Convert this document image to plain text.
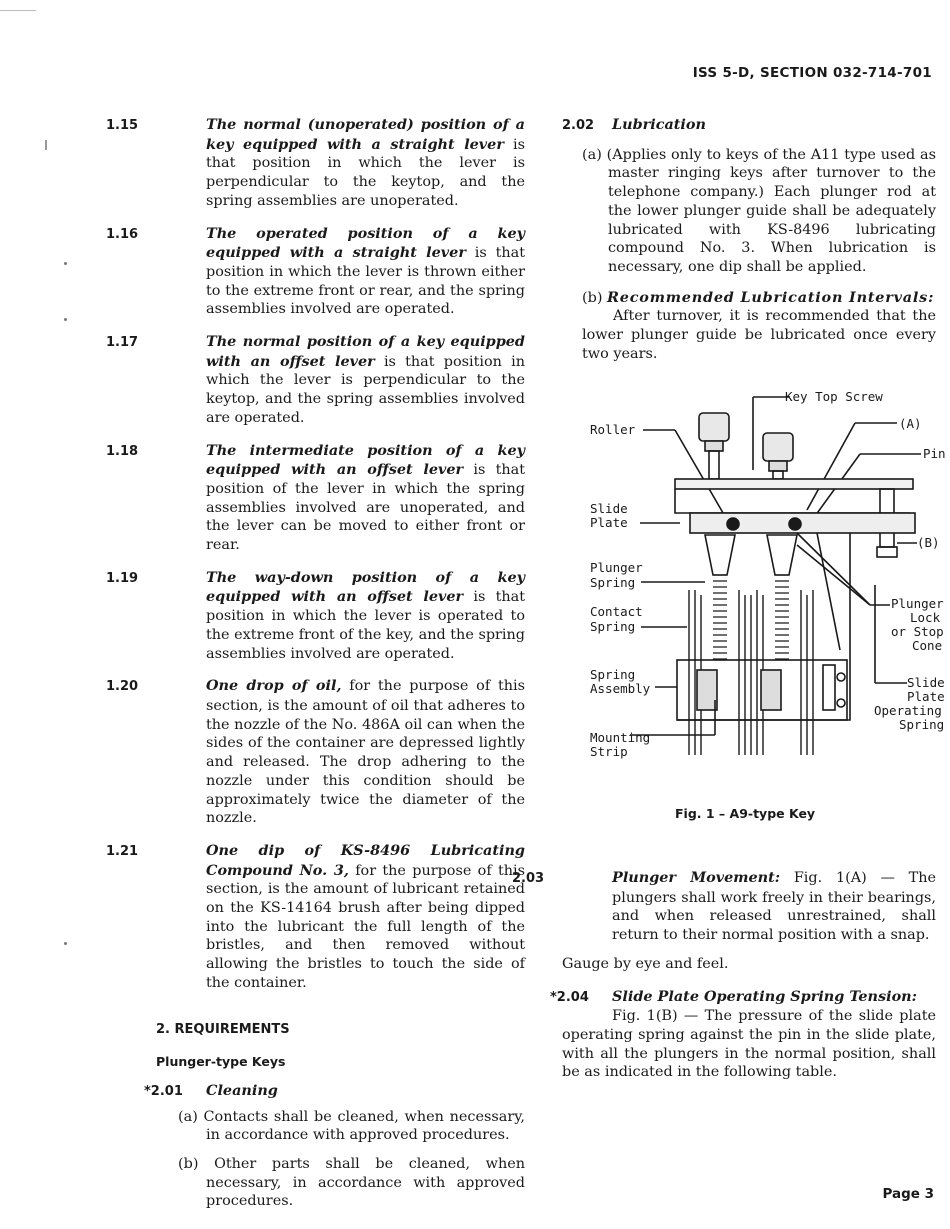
ISS 5-D, SECTION 032-714-701

1.15	The normal (unoperated) position of a key equipped with a straight lever is that position in which the lever is perpendicular to the keytop, and the spring assemblies are unoperated.

1.16	The operated position of a key equipped with a straight lever is that position in which the lever is thrown either to the extreme front or rear, and the spring assemblies involved are operated.

1.17	The normal position of a key equipped with an offset lever is that position in which the lever is perpendicular to the keytop, and the spring assemblies involved are operated.

1.18	The intermediate position of a key equipped with an offset lever is that position of the lever in which the spring assemblies involved are unoperated, and the lever can be moved to either front or rear.

1.19	The way-down position of a key equipped with an offset lever is that position in which the lever is operated to the extreme front of the key, and the spring assemblies involved are operated.

1.20	One drop of oil, for the purpose of this section, is the amount of oil that adheres to the nozzle of the No. 486A oil can when the sides of the container are depressed lightly and released. The drop adhering to the nozzle under this condition should be approximately twice the diameter of the nozzle.

1.21	One dip of KS-8496 Lubricating Compound No. 3, for the purpose of this section, is the amount of lubricant retained on the KS-14164 brush after being dipped into the lubricant the full length of the bristles, and then removed without allowing the bristles to touch the side of the container.

2. REQUIREMENTS
Plunger-type Keys

*2.01 Cleaning

(a) Contacts shall be cleaned, when necessary, in accordance with approved procedures.

(b) Other parts shall be cleaned, when necessary, in accordance with approved procedures.

2.02 Lubrication

(a) (Applies only to keys of the A11 type used as master ringing keys after turnover to the telephone company.) Each plunger rod at the lower plunger guide shall be adequately lubricated with KS-8496 lubricating compound No. 3. When lubrication is necessary, one dip shall be applied.

(b) Recommended Lubrication Intervals:

After turnover, it is recommended that the lower plunger guide be lubricated once every two years.

Key Top Screw
(A)
Roller
Pin
Slide
Plate
(B)
Plunger
Spring
Plunger
Lock
or Stop
Cone
Contact
Spring
Spring
Assembly	Slide
Plate
Operating
Spring
Mounting
Strip
Fig. 1 – A9-type Key

2.03	Plunger Movement: Fig. 1(A) — The plungers shall work freely in their bearings, and when released unrestrained, shall return to their normal position with a snap.

Gauge by eye and feel.

*2.04 Slide Plate Operating Spring Tension:

Fig. 1(B) — The pressure of the slide plate operating spring against the pin in the slide plate, with all the plungers in the normal position, shall be as indicated in the following table.

Page 3
